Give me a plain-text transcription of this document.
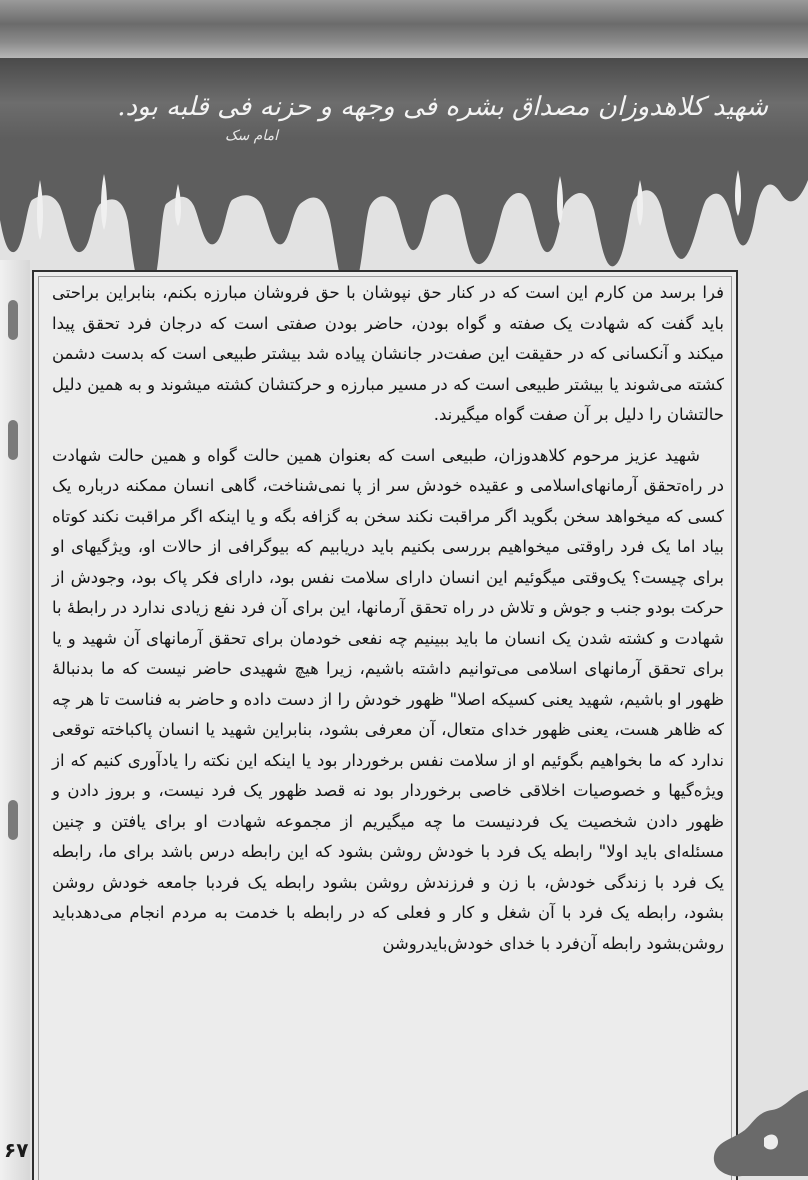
شهید کلاهدوزان مصداق بشره فی وجهه و حزنه فی قلبه بود.
امام سک

فرا برسد من کارم این است که در کنار حق نپوشان با حق فروشان مبارزه بکنم، بنابراین براحتی باید گفت که شهادت یک صفته و گواه بودن، حاضر بودن صفتی است که درجان فرد تحقق پیدا میکند و آنکسانی که در حقیقت این صفت‌در جانشان پیاده شد بیشتر طبیعی است که بدست دشمن کشته می‌شوند یا بیشتر طبیعی است که در مسیر مبارزه و حرکتشان کشته میشوند و به همین دلیل حالتشان را دلیل بر آن صفت گواه میگیرند.

شهید عزیز مرحوم کلاهدوزان، طبیعی است که بعنوان همین حالت گواه و همین حالت شهادت در راه‌تحقق آرمانهای‌اسلامی و عقیده خودش سر از پا نمی‌شناخت، گاهی انسان ممکنه درباره یک کسی که میخواهد سخن بگوید اگر مراقبت نکند سخن به گزافه بگه و یا اینکه اگر مراقبت نکند کوتاه بیاد اما یک فرد را‌وقتی میخواهیم بررسی بکنیم باید دریابیم که بیوگرافی از حالات او، ویژگیهای او برای چیست؟ یک‌وقتی میگوئیم این انسان دارای سلامت نفس بود، دارای فکر پاک بود، وجودش از حرکت بودو جنب و جوش و تلاش در راه تحقق آرمانها، این برای آن فرد نفع زیادی ندارد در رابطهٔ با شهادت و کشته شدن یک انسان ما باید ببینیم چه نفعی خودمان برای تحقق آرمانهای آن شهید و یا برای تحقق آرمانهای اسلامی می‌توانیم داشته باشیم، زیرا هیچ شهیدی حاضر نیست که ما بدنبالهٔ ظهور او باشیم، شهید یعنی کسیکه اصلا" ظهور خودش را از دست داده و حاضر به فناست تا هر چه که ظاهر هست، یعنی ظهور خدای متعال، آن معرفی بشود، بنابراین شهید یا انسان پاکباخته توقعی ندارد که ما بخواهیم بگوئیم او از سلامت نفس برخوردار بود یا اینکه این نکته را یادآوری کنیم که از ویژه‌گیها و خصوصیات اخلاقی خاصی برخوردار بود نه قصد ظهور یک فرد نیست، و بروز دادن و ظهور دادن شخصیت یک فردنیست ما چه میگیریم از مجموعه شهادت او برای یافتن و چنین مسئله‌ای باید اولا" رابطه یک فرد با خودش روشن بشود که این رابطه درس باشد برای ما، رابطه یک فرد با زندگی خودش، با زن و فرزندش روشن بشود رابطه یک فردبا جامعه خودش روشن بشود، رابطه یک فرد با آن شغل و کار و فعلی که در رابطه با خدمت به مردم انجام می‌دهدباید روشن‌بشود رابطه آن‌فرد با خدای خودش‌بایدروشن

۶۷
